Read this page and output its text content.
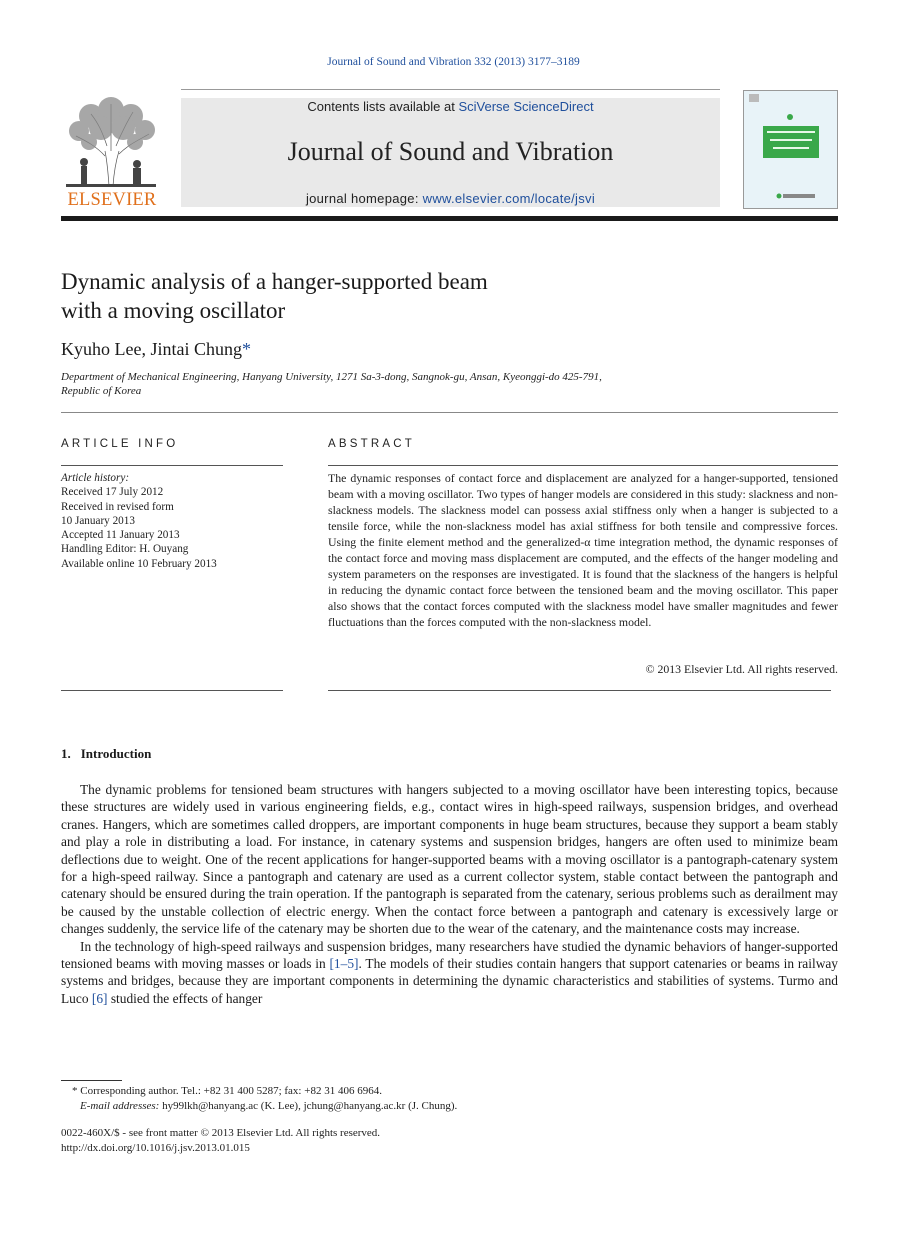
Journal of Sound and Vibration 332 (2013) 3177–3189
ELSEVIER
Contents lists available at SciVerse ScienceDirect
Journal of Sound and Vibration
journal homepage: www.elsevier.com/locate/jsvi
Dynamic analysis of a hanger-supported beam
with a moving oscillator
Kyuho Lee, Jintai Chung*
Department of Mechanical Engineering, Hanyang University, 1271 Sa-3-dong, Sangnok-gu, Ansan, Kyeonggi-do 425-791,
Republic of Korea
ARTICLE INFO
Article history:
Received 17 July 2012
Received in revised form
10 January 2013
Accepted 11 January 2013
Handling Editor: H. Ouyang
Available online 10 February 2013
ABSTRACT
The dynamic responses of contact force and displacement are analyzed for a hanger-supported, tensioned beam with a moving oscillator. Two types of hanger models are considered in this study: slackness and non-slackness models. The slackness model can possess axial stiffness only when a hanger is subjected to a tensile force, while the non-slackness model has axial stiffness for both tensile and compressive forces. Using the finite element method and the generalized-α time integration method, the dynamic responses of the contact force and moving mass displacement are computed, and the effects of the hanger modeling and system parameters on the responses are investigated. It is found that the slackness of the hangers is helpful in reducing the dynamic contact force between the tensioned beam and the moving oscillator. This paper also shows that the contact forces computed with the slackness model have smaller magnitudes and fewer fluctuations than the forces computed with the non-slackness model.
© 2013 Elsevier Ltd. All rights reserved.
1. Introduction

The dynamic problems for tensioned beam structures with hangers subjected to a moving oscillator have been interesting topics, because these structures are widely used in various engineering fields, e.g., contact wires in high-speed railways, suspension bridges, and overhead cranes. Hangers, which are sometimes called droppers, are important components in huge beam structures, because they support a beam stably and play a role in distributing a load. For instance, in catenary systems and suspension bridges, hangers are often used to minimize beam deflections due to weight. One of the recent applications for hanger-supported beams with a moving oscillator is a pantograph-catenary system for a high-speed railway. Since a pantograph and catenary are used as a current collector system, stable contact between the pantograph and catenary should be ensured during the train operation. If the pantograph is separated from the catenary, serious problems such as derailment may be caused by the unstable collection of electric energy. When the contact force between a pantograph and catenary is excessively large or changes suddenly, the service life of the catenary may be shorten due to the wear of the catenary, and the maintenance costs may increase.

In the technology of high-speed railways and suspension bridges, many researchers have studied the dynamic behaviors of hanger-supported tensioned beams with moving masses or loads in [1–5]. The models of their studies contain hangers that support catenaries or beams in railway systems and bridges, because they are important components in determining the dynamic characteristics and stabilities of systems. Turmo and Luco [6] studied the effects of hanger

* Corresponding author. Tel.: +82 31 400 5287; fax: +82 31 406 6964.
E-mail addresses: hy99lkh@hanyang.ac (K. Lee), jchung@hanyang.ac.kr (J. Chung).
0022-460X/$ - see front matter © 2013 Elsevier Ltd. All rights reserved.
http://dx.doi.org/10.1016/j.jsv.2013.01.015
